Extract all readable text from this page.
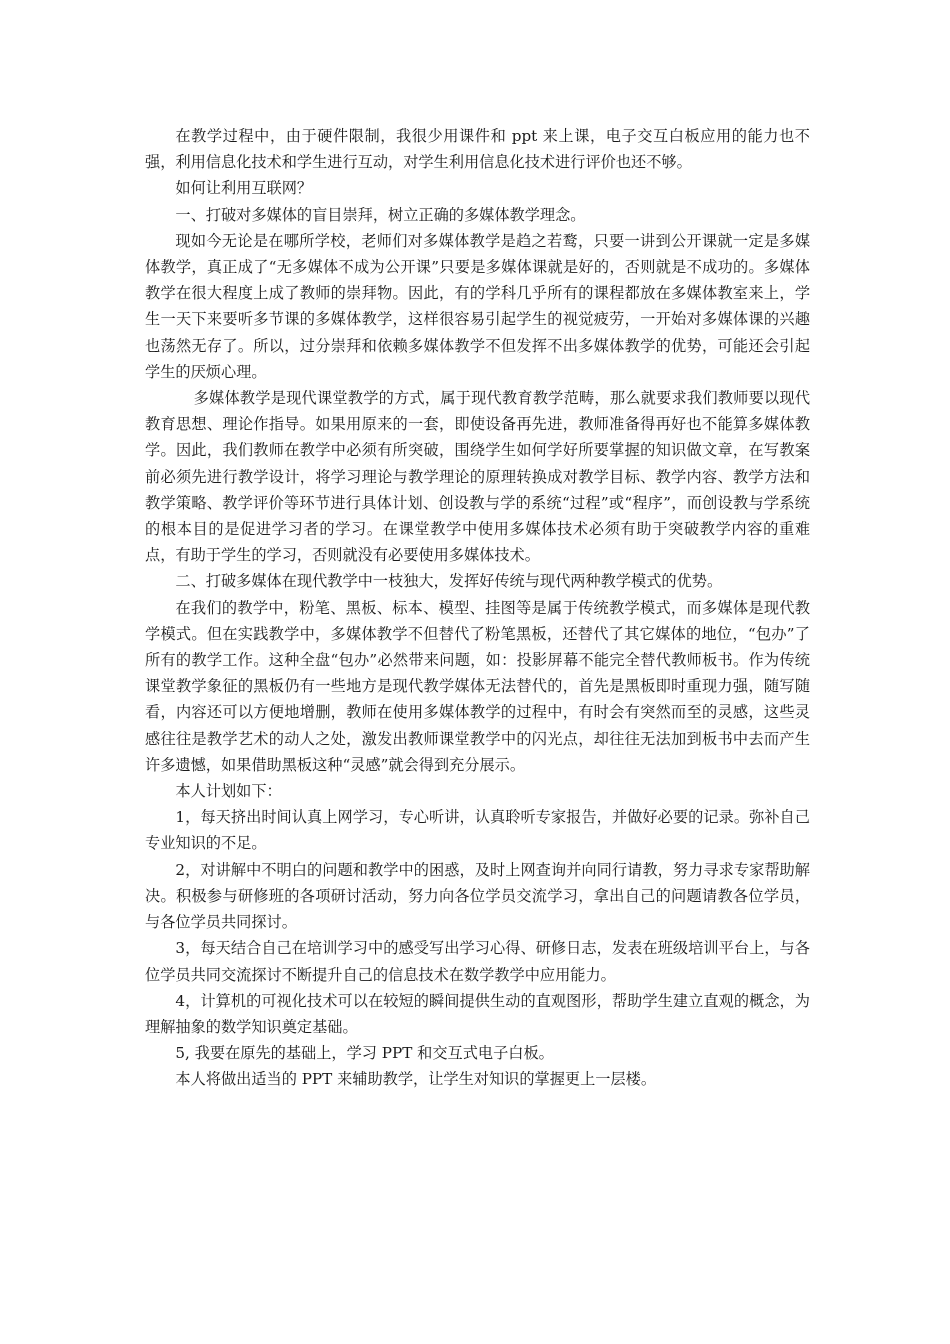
在教学过程中，由于硬件限制，我很少用课件和 ppt 来上课，电子交互白板应用的能力也不强，利用信息化技术和学生进行互动，对学生利用信息化技术进行评价也还不够。

如何让利用互联网？

一、打破对多媒体的盲目崇拜，树立正确的多媒体教学理念。

现如今无论是在哪所学校，老师们对多媒体教学是趋之若鹜，只要一讲到公开课就一定是多媒体教学，真正成了“无多媒体不成为公开课”只要是多媒体课就是好的，否则就是不成功的。多媒体教学在很大程度上成了教师的崇拜物。因此，有的学科几乎所有的课程都放在多媒体教室来上，学生一天下来要听多节课的多媒体教学，这样很容易引起学生的视觉疲劳，一开始对多媒体课的兴趣也荡然无存了。所以，过分崇拜和依赖多媒体教学不但发挥不出多媒体教学的优势，可能还会引起学生的厌烦心理。

多媒体教学是现代课堂教学的方式，属于现代教育教学范畴，那么就要求我们教师要以现代教育思想、理论作指导。如果用原来的一套，即使设备再先进，教师准备得再好也不能算多媒体教学。因此，我们教师在教学中必须有所突破，围绕学生如何学好所要掌握的知识做文章，在写教案前必须先进行教学设计，将学习理论与教学理论的原理转换成对教学目标、教学内容、教学方法和教学策略、教学评价等环节进行具体计划、创设教与学的系统“过程”或“程序”，而创设教与学系统的根本目的是促进学习者的学习。在课堂教学中使用多媒体技术必须有助于突破教学内容的重难点，有助于学生的学习，否则就没有必要使用多媒体技术。

二、打破多媒体在现代教学中一枝独大，发挥好传统与现代两种教学模式的优势。

在我们的教学中，粉笔、黑板、标本、模型、挂图等是属于传统教学模式，而多媒体是现代教学模式。但在实践教学中，多媒体教学不但替代了粉笔黑板，还替代了其它媒体的地位，“包办”了所有的教学工作。这种全盘“包办”必然带来问题，如：投影屏幕不能完全替代教师板书。作为传统课堂教学象征的黑板仍有一些地方是现代教学媒体无法替代的，首先是黑板即时重现力强，随写随看，内容还可以方便地增删，教师在使用多媒体教学的过程中，有时会有突然而至的灵感，这些灵感往往是教学艺术的动人之处，激发出教师课堂教学中的闪光点，却往往无法加到板书中去而产生许多遗憾，如果借助黑板这种“灵感”就会得到充分展示。

本人计划如下：

1，每天挤出时间认真上网学习，专心听讲，认真聆听专家报告，并做好必要的记录。弥补自己专业知识的不足。

2，对讲解中不明白的问题和教学中的困惑，及时上网查询并向同行请教，努力寻求专家帮助解决。积极参与研修班的各项研讨活动，努力向各位学员交流学习，拿出自己的问题请教各位学员，与各位学员共同探讨。

3，每天结合自己在培训学习中的感受写出学习心得、研修日志，发表在班级培训平台上，与各位学员共同交流探讨不断提升自己的信息技术在数学教学中应用能力。

4，计算机的可视化技术可以在较短的瞬间提供生动的直观图形，帮助学生建立直观的概念，为理解抽象的数学知识奠定基础。

5, 我要在原先的基础上，学习 PPT 和交互式电子白板。

本人将做出适当的 PPT 来辅助教学，让学生对知识的掌握更上一层楼。
